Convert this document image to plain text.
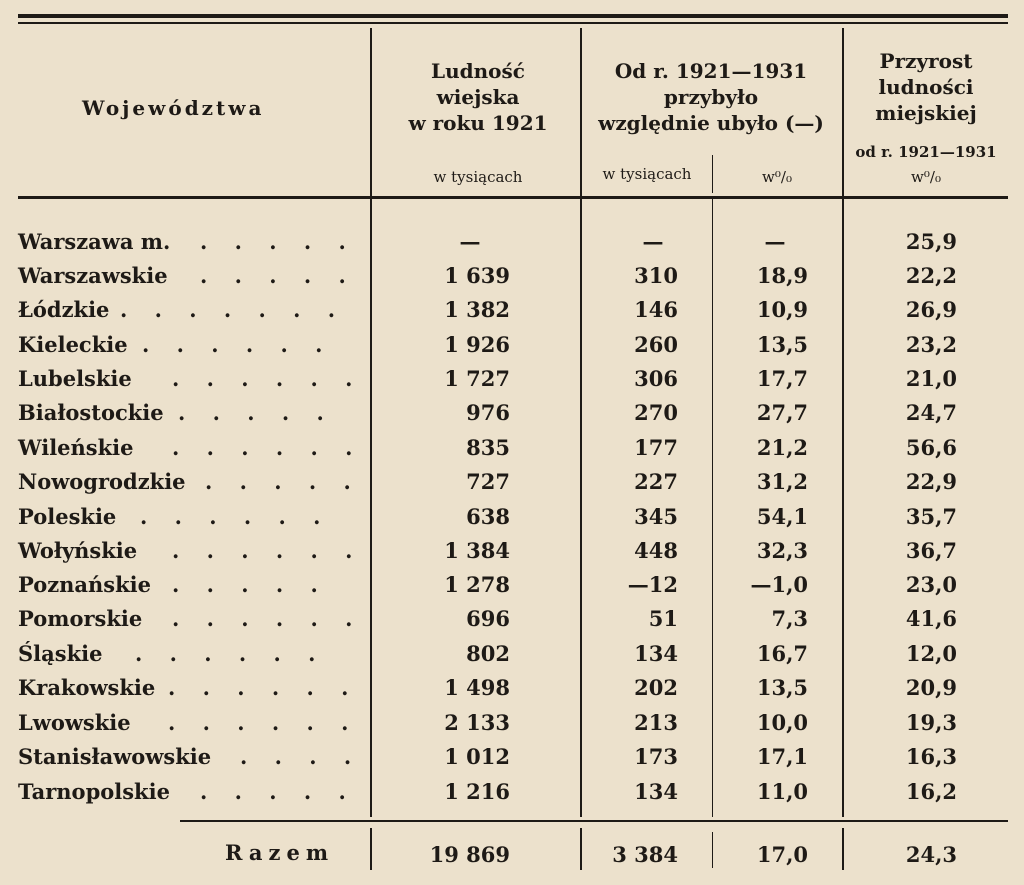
Województwa
Ludność
wiejska
w roku 1921
w tysiącach
Od r. 1921—1931
przybyło
względnie ubyło (—)
w tysiącach	w⁰/₀
Przyrost
ludności
miejskiej
od r. 1921—1931
w⁰/₀
Warszawa m. . . . . .	—	—	—	25,9
Warszawskie . . . . .	1 639	310	18,9	22,2
Łódzkie . . . . . . .	1 382	146	10,9	26,9
Kieleckie . . . . . .	1 926	260	13,5	23,2
Lubelskie . . . . . .	1 727	306	17,7	21,0
Białostockie . . . . .	976	270	27,7	24,7
Wileńskie . . . . . .	835	177	21,2	56,6
Nowogrodzkie . . . . .	727	227	31,2	22,9
Poleskie . . . . . .	638	345	54,1	35,7
Wołyńskie . . . . . .	1 384	448	32,3	36,7
Poznańskie . . . . .	1 278	—12	—1,0	23,0
Pomorskie . . . . . .	696	51	7,3	41,6
Śląskie . . . . . .	802	134	16,7	12,0
Krakowskie . . . . . .	1 498	202	13,5	20,9
Lwowskie . . . . . .	2 133	213	10,0	19,3
Stanisławowskie . . . .	1 012	173	17,1	16,3
Tarnopolskie . . . . .	1 216	134	11,0	16,2
Razem	19 869	3 384	17,0	24,3
